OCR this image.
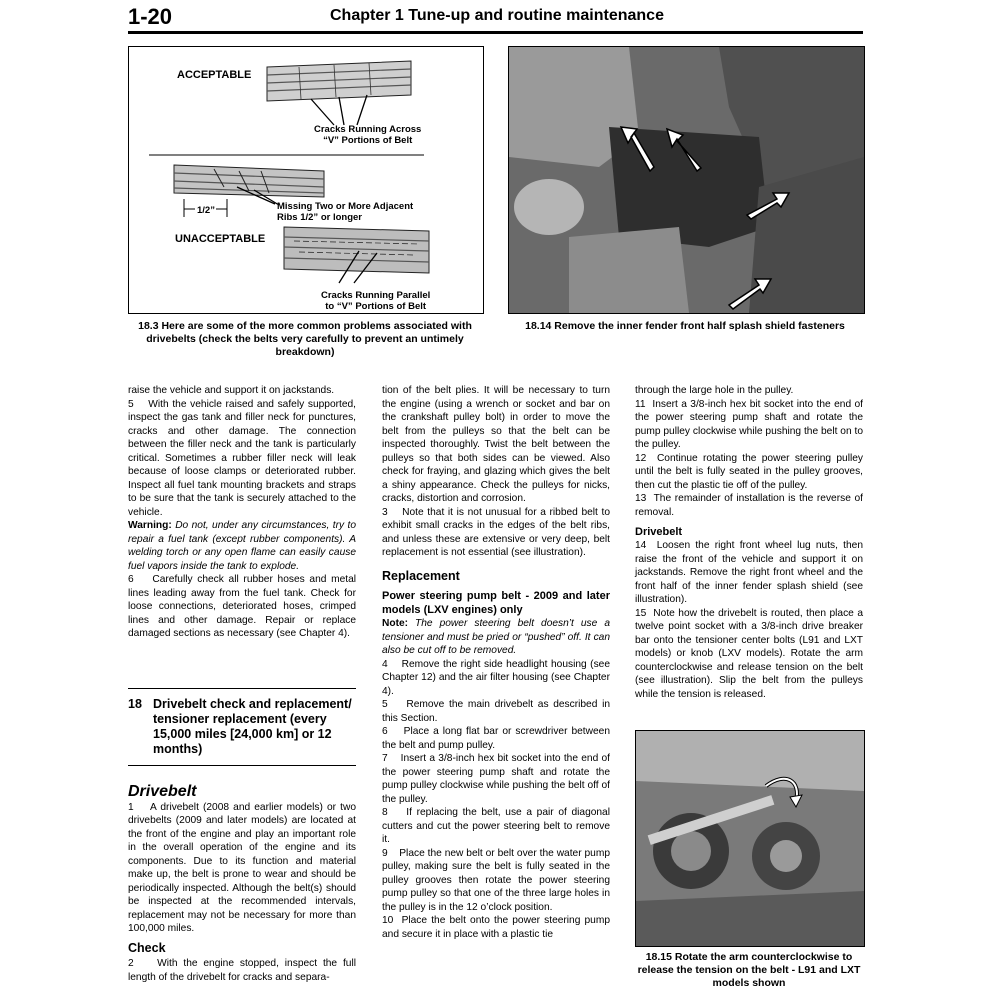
1-20	Chapter 1 Tune-up and routine maintenance
ACCEPTABLE
Cracks Running Across
“V” Portions of Belt
Missing Two or More Adjacent
Ribs 1/2” or longer
1/2”
UNACCEPTABLE
Cracks Running Parallel
to “V” Portions of Belt
18.3 Here are some of the more common problems associated with drivebelts (check the belts very carefully to prevent an untimely breakdown)
18.14 Remove the inner fender front half splash shield fasteners

raise the vehicle and support it on jackstands.

5    With the vehicle raised and safely supported, inspect the gas tank and filler neck for punctures, cracks and other damage. The connection between the filler neck and the tank is particularly critical. Sometimes a rubber filler neck will leak because of loose clamps or deteriorated rubber. Inspect all fuel tank mounting brackets and straps to be sure that the tank is securely attached to the vehicle.

Warning: Do not, under any circumstances, try to repair a fuel tank (except rubber components). A welding torch or any open flame can easily cause fuel vapors inside the tank to explode.

6    Carefully check all rubber hoses and metal lines leading away from the fuel tank. Check for loose connections, deteriorated hoses, crimped lines and other damage. Repair or replace damaged sections as necessary (see Chapter 4).

18 Drivebelt check and replacement/ tensioner replacement (every 15,000 miles [24,000 km] or 12 months)
Drivebelt

1    A drivebelt (2008 and earlier models) or two drivebelts (2009 and later models) are located at the front of the engine and play an important role in the overall operation of the engine and its components. Due to its function and material make up, the belt is prone to wear and should be periodically inspected. Although the belt(s) should be inspected at the recommended intervals, replacement may not be necessary for more than 100,000 miles.

Check

2    With the engine stopped, inspect the full length of the drivebelt for cracks and separa-

tion of the belt plies. It will be necessary to turn the engine (using a wrench or socket and bar on the crankshaft pulley bolt) in order to move the belt from the pulleys so that the belt can be inspected thoroughly. Twist the belt between the pulleys so that both sides can be viewed. Also check for fraying, and glazing which gives the belt a shiny appearance. Check the pulleys for nicks, cracks, distortion and corrosion.

3    Note that it is not unusual for a ribbed belt to exhibit small cracks in the edges of the belt ribs, and unless these are extensive or very deep, belt replacement is not essential (see illustration).

Replacement
Power steering pump belt - 2009 and later models (LXV engines) only

Note: The power steering belt doesn’t use a tensioner and must be pried or “pushed” off. It can also be cut off to be removed.

4    Remove the right side headlight housing (see Chapter 12) and the air filter housing (see Chapter 4).

5    Remove the main drivebelt as described in this Section.

6    Place a long flat bar or screwdriver between the belt and pump pulley.

7    Insert a 3/8-inch hex bit socket into the end of the power steering pump shaft and rotate the pump pulley clockwise while pushing the belt off of the pulley.

8    If replacing the belt, use a pair of diagonal cutters and cut the power steering belt to remove it.

9    Place the new belt or belt over the water pump pulley, making sure the belt is fully seated in the pulley grooves then rotate the power steering pump pulley so that one of the three large holes in the pulley is in the 12 o’clock position.

10  Place the belt onto the power steering pump and secure it in place with a plastic tie

through the large hole in the pulley.

11  Insert a 3/8-inch hex bit socket into the end of the power steering pump shaft and rotate the pump pulley clockwise while pushing the belt on to the pulley.

12  Continue rotating the power steering pulley until the belt is fully seated in the pulley grooves, then cut the plastic tie off of the pulley.

13  The remainder of installation is the reverse of removal.

Drivebelt

14  Loosen the right front wheel lug nuts, then raise the front of the vehicle and support it on jackstands. Remove the right front wheel and the front half of the inner fender splash shield (see illustration).

15  Note how the drivebelt is routed, then place a twelve point socket with a 3/8-inch drive breaker bar onto the tensioner center bolts (L91 and LXT models) or knob (LXV models). Rotate the arm counterclockwise and release tension on the belt (see illustration). Slip the belt from the pulleys while the tension is released.

18.15 Rotate the arm counterclockwise to release the tension on the belt - L91 and LXT models shown
